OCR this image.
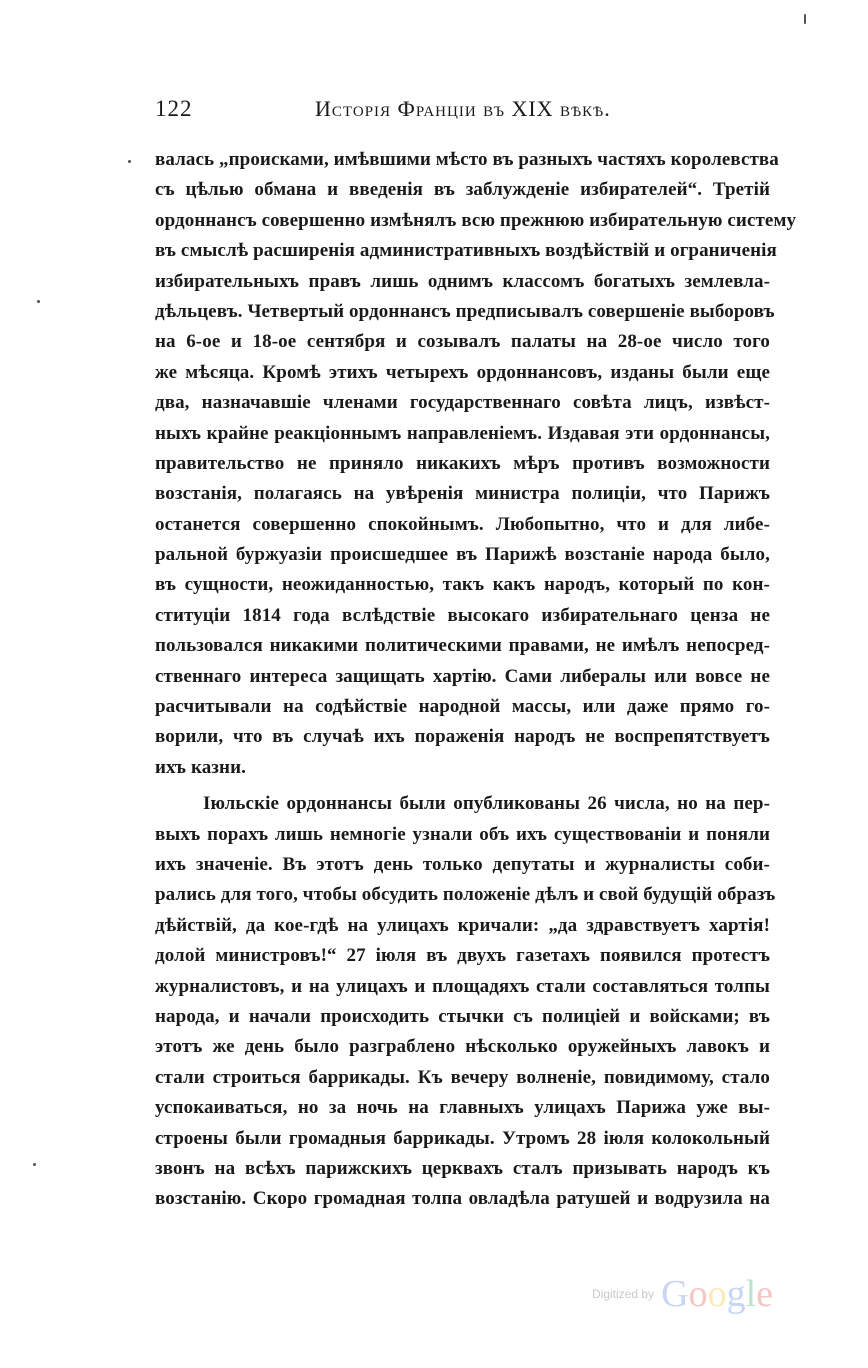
122	Исторія Франціи въ XIX вѣкѣ.
валась „происками, имѣвшими мѣсто въ разныхъ частяхъ королевства
съ цѣлью обмана и введенія въ заблужденіе избирателей“. Третій
ордоннансъ совершенно измѣнялъ всю прежнюю избирательную систему
въ смыслѣ расширенія административныхъ воздѣйствій и ограниченія
избирательныхъ правъ лишь однимъ классомъ богатыхъ землевла-
дѣльцевъ. Четвертый ордоннансъ предписывалъ совершеніе выборовъ
на 6-ое и 18-ое сентября и созывалъ палаты на 28-ое число того
же мѣсяца. Кромѣ этихъ четырехъ ордоннансовъ, изданы были еще
два, назначавшіе членами государственнаго совѣта лицъ, извѣст-
ныхъ крайне реакціоннымъ направленіемъ. Издавая эти ордоннансы,
правительство не приняло никакихъ мѣръ противъ возможности
возстанія, полагаясь на увѣренія министра полиціи, что Парижъ
останется совершенно спокойнымъ. Любопытно, что и для либе-
ральной буржуазіи происшедшее въ Парижѣ возстаніе народа было,
въ сущности, неожиданностью, такъ какъ народъ, который по кон-
ституціи 1814 года вслѣдствіе высокаго избирательнаго ценза не
пользовался никакими политическими правами, не имѣлъ непосред-
ственнаго интереса защищать хартію. Сами либералы или вовсе не
расчитывали на содѣйствіе народной массы, или даже прямо го-
ворили, что въ случаѣ ихъ пораженія народъ не воспрепятствуетъ
ихъ казни.
Іюльскіе ордоннансы были опубликованы 26 числа, но на пер-
выхъ порахъ лишь немногіе узнали объ ихъ существованіи и поняли
ихъ значеніе. Въ этотъ день только депутаты и журналисты соби-
рались для того, чтобы обсудить положеніе дѣлъ и свой будущій образъ
дѣйствій, да кое-гдѣ на улицахъ кричали: „да здравствуетъ хартія!
долой министровъ!“ 27 іюля въ двухъ газетахъ появился протестъ
журналистовъ, и на улицахъ и площадяхъ стали составляться толпы
народа, и начали происходить стычки съ полиціей и войсками; въ
этотъ же день было разграблено нѣсколько оружейныхъ лавокъ и
стали строиться баррикады. Къ вечеру волненіе, повидимому, стало
успокаиваться, но за ночь на главныхъ улицахъ Парижа уже вы-
строены были громадныя баррикады. Утромъ 28 іюля колокольный
звонъ на всѣхъ парижскихъ церквахъ сталъ призывать народъ къ
возстанію. Скоро громадная толпа овладѣла ратушей и водрузила на
Digitized by Google
